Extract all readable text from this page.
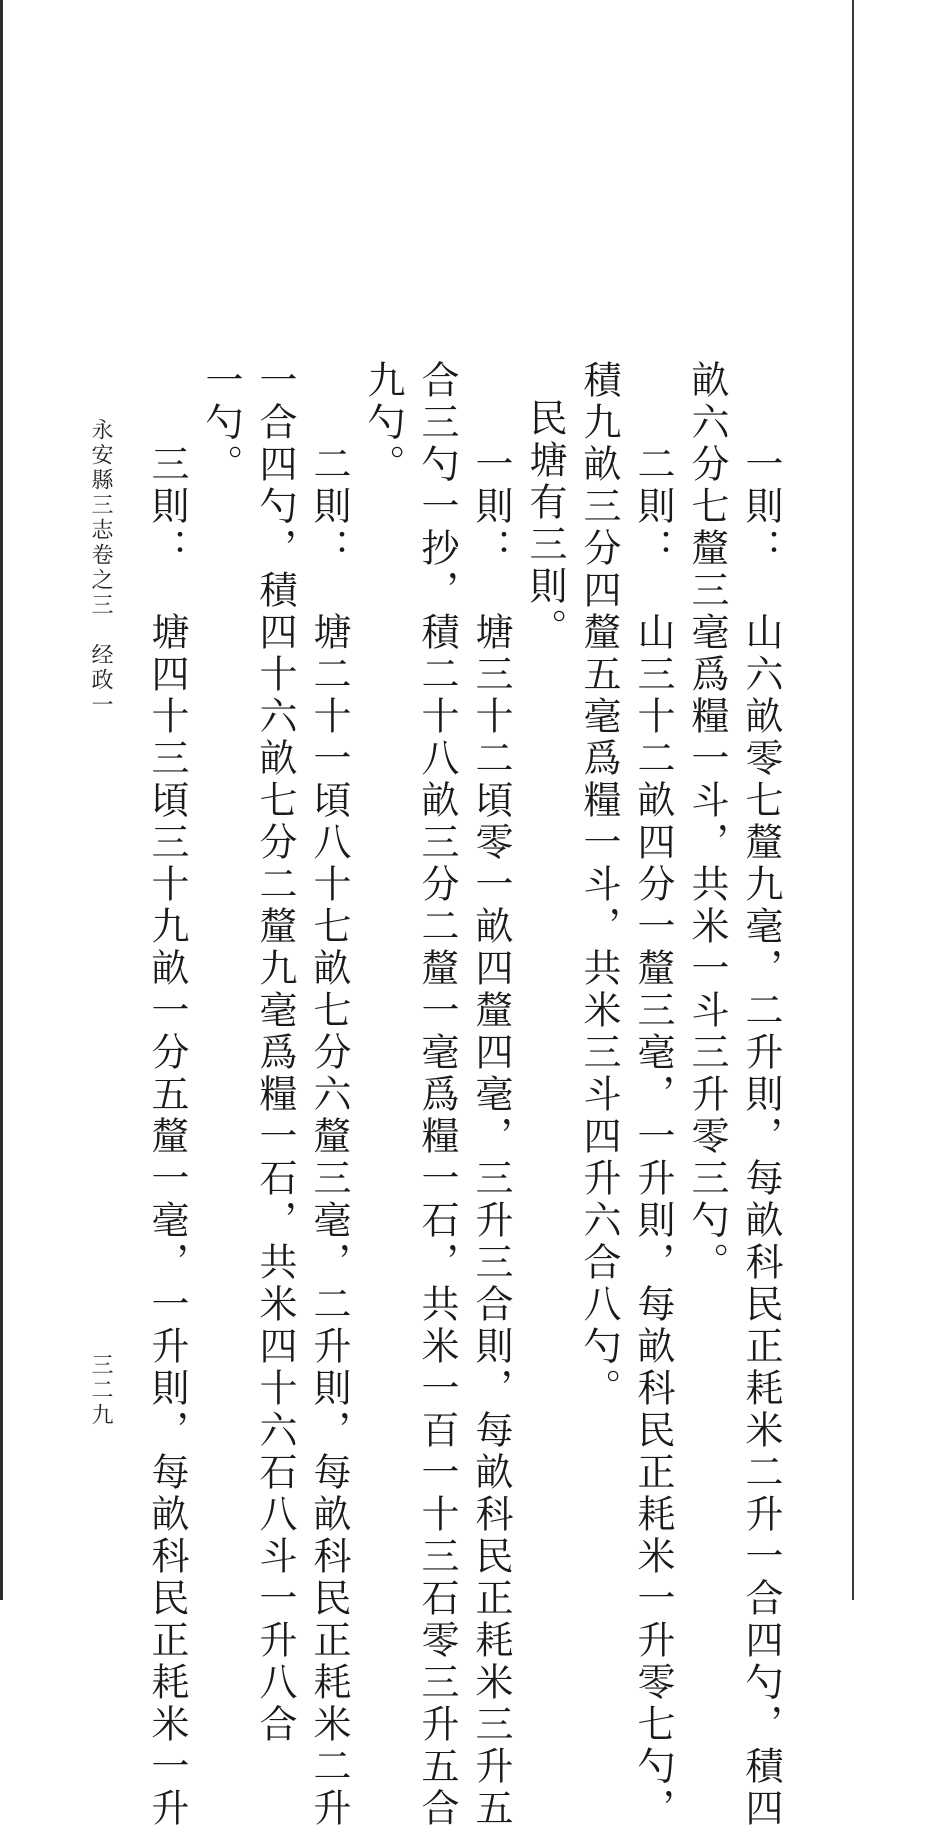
一則：　山六畝零七釐九毫，二升則，每畝科民正耗米二升一合四勺，積四
畝六分七釐三毫爲糧一斗，共米一斗三升零三勺。
二則：　山三十二畝四分一釐三毫，一升則，每畝科民正耗米一升零七勺，
積九畝三分四釐五毫爲糧一斗，共米三斗四升六合八勺。
民塘有三則。
一則：　塘三十二頃零一畝四釐四毫，三升三合則，每畝科民正耗米三升五
合三勺一抄，積二十八畝三分二釐一毫爲糧一石，共米一百一十三石零三升五合
九勺。
二則：　塘二十一頃八十七畝七分六釐三毫，二升則，每畝科民正耗米二升
一合四勺，積四十六畝七分二釐九毫爲糧一石，共米四十六石八斗一升八合
一勺。
三則：　塘四十三頃三十九畝一分五釐一毫，一升則，每畝科民正耗米一升
永安縣三志卷之三　经政一
三二九
